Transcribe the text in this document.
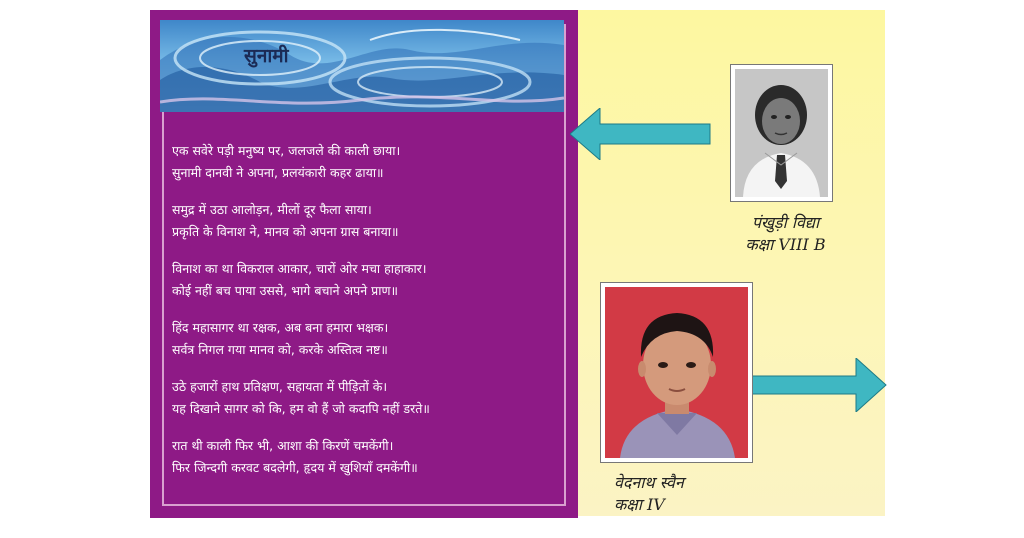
सुनामी
एक सवेरे पड़ी मनुष्य पर, जलजले की काली छाया।
सुनामी दानवी ने अपना, प्रलयंकारी कहर ढाया॥
समुद्र में उठा आलोड़न, मीलों दूर फैला साया।
प्रकृति के विनाश ने, मानव को अपना ग्रास बनाया॥
विनाश का था विकराल आकार, चारों ओर मचा हाहाकार।
कोई नहीं बच पाया उससे, भागे बचाने अपने प्राण॥
हिंद महासागर था रक्षक, अब बना हमारा भक्षक।
सर्वत्र निगल गया मानव को, करके अस्तित्व नष्ट॥
उठे हजारों हाथ प्रतिक्षण, सहायता में पीड़ितों के।
यह दिखाने सागर को कि, हम वो हैं जो कदापि नहीं डरते॥
रात थी काली फिर भी, आशा की किरणें चमकेंगी।
फिर जिन्दगी करवट बदलेगी, हृदय में खुशियाँ दमकेंगी॥
पंखुड़ी विद्या
कक्षा VIII B
वेदनाथ स्वैन
कक्षा IV
